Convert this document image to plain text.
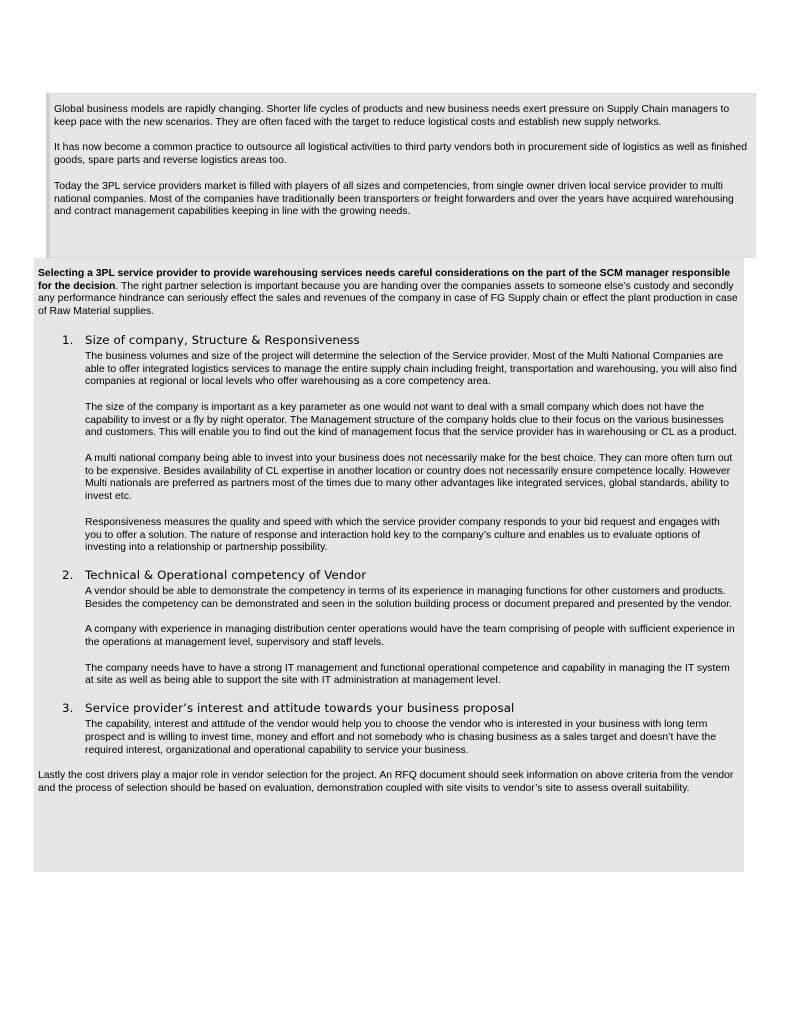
Global business models are rapidly changing. Shorter life cycles of products and new business needs exert pressure on Supply Chain managers to keep pace with the new scenarios. They are often faced with the target to reduce logistical costs and establish new supply networks.

It has now become a common practice to outsource all logistical activities to third party vendors both in procurement side of logistics as well as finished goods, spare parts and reverse logistics areas too.

Today the 3PL service providers market is filled with players of all sizes and competencies, from single owner driven local service provider to multi national companies. Most of the companies have traditionally been transporters or freight forwarders and over the years have acquired warehousing and contract management capabilities keeping in line with the growing needs.

Selecting a 3PL service provider to provide warehousing services needs careful considerations on the part of the SCM manager responsible for the decision. The right partner selection is important because you are handing over the companies assets to someone else’s custody and secondly any performance hindrance can seriously effect the sales and revenues of the company in case of FG Supply chain or effect the plant production in case of Raw Material supplies.

1. Size of company, Structure & Responsiveness

The business volumes and size of the project will determine the selection of the Service provider. Most of the Multi National Companies are able to offer integrated logistics services to manage the entire supply chain including freight, transportation and warehousing, you will also find companies at regional or local levels who offer warehousing as a core competency area.

The size of the company is important as a key parameter as one would not want to deal with a small company which does not have the capability to invest or a fly by night operator. The Management structure of the company holds clue to their focus on the various businesses and customers. This will enable you to find out the kind of management focus that the service provider has in warehousing or CL as a product.

A multi national company being able to invest into your business does not necessarily make for the best choice. They can more often turn out to be expensive. Besides availability of CL expertise in another location or country does not necessarily ensure competence locally. However Multi nationals are preferred as partners most of the times due to many other advantages like integrated services, global standards, ability to invest etc.

Responsiveness measures the quality and speed with which the service provider company responds to your bid request and engages with you to offer a solution. The nature of response and interaction hold key to the company’s culture and enables us to evaluate options of investing into a relationship or partnership possibility.

2. Technical & Operational competency of Vendor

A vendor should be able to demonstrate the competency in terms of its experience in managing functions for other customers and products. Besides the competency can be demonstrated and seen in the solution building process or document prepared and presented by the vendor.

A company with experience in managing distribution center operations would have the team comprising of people with sufficient experience in the operations at management level, supervisory and staff levels.

The company needs have to have a strong IT management and functional operational competence and capability in managing the IT system at site as well as being able to support the site with IT administration at management level.

3. Service provider’s interest and attitude towards your business proposal

The capability, interest and attitude of the vendor would help you to choose the vendor who is interested in your business with long term prospect and is willing to invest time, money and effort and not somebody who is chasing business as a sales target and doesn’t have the required interest, organizational and operational capability to service your business.

Lastly the cost drivers play a major role in vendor selection for the project. An RFQ document should seek information on above criteria from the vendor and the process of selection should be based on evaluation, demonstration coupled with site visits to vendor’s site to assess overall suitability.
